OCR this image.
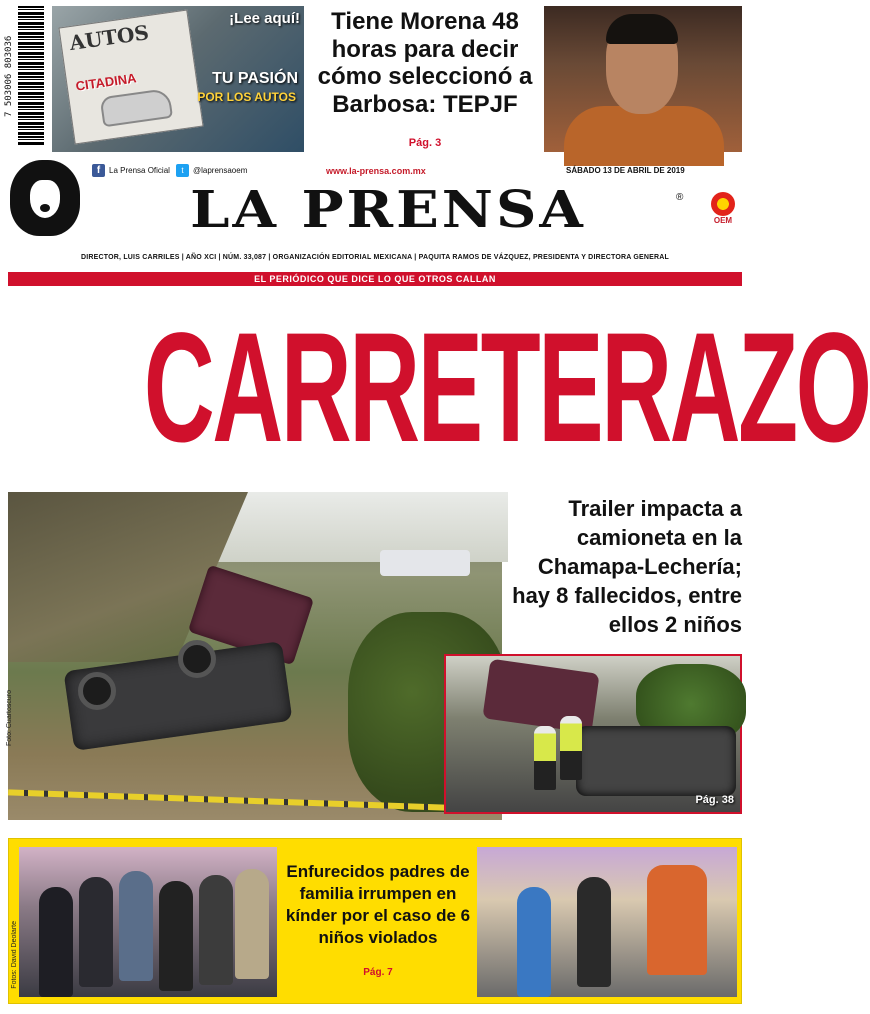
7 503006 803036	AUTOS
CITADINA
¡Lee aquí!
TU PASIÓN
POR LOS AUTOS
Tiene Morena 48 horas para decir cómo seleccionó a Barbosa: TEPJF
Pág. 3
f	La Prensa Oficial	t	@laprensaoem	www.la-prensa.com.mx	SÁBADO 13 DE ABRIL DE 2019
LA PRENSA	®
OEM
DIRECTOR, LUIS CARRILES | AÑO XCI | NÚM. 33,087 | ORGANIZACIÓN EDITORIAL MEXICANA | PAQUITA RAMOS DE VÁZQUEZ, PRESIDENTA Y DIRECTORA GENERAL
EL PERIÓDICO QUE DICE LO QUE OTROS CALLAN
CARRETERAZO
Foto: Cuartoscuro
Trailer impacta a camioneta en la Chamapa-Lechería; hay 8 fallecidos, entre ellos 2 niños
Pág. 38
Fotos: David Deolarte
Enfurecidos padres de familia irrumpen en kínder por el caso de 6 niños violados
Pág. 7
